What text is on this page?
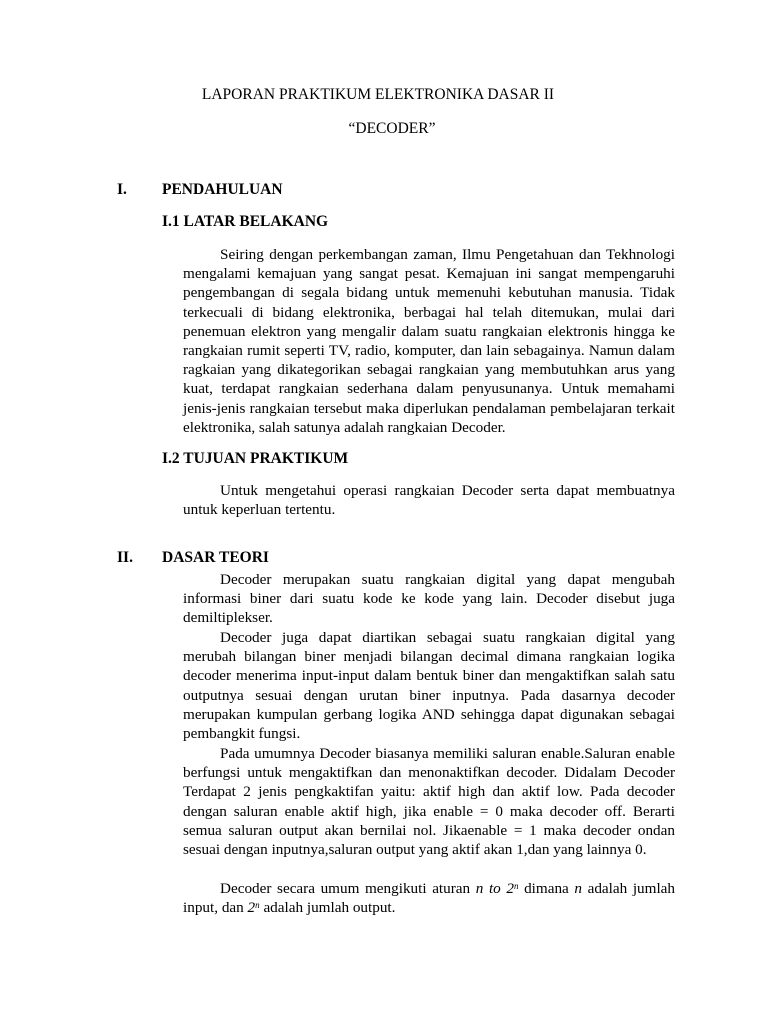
LAPORAN PRAKTIKUM ELEKTRONIKA DASAR II
“DECODER”
I. PENDAHULUAN
I.1 LATAR BELAKANG
Seiring dengan perkembangan zaman, Ilmu Pengetahuan dan Tekhnologi mengalami kemajuan yang sangat pesat. Kemajuan ini sangat mempengaruhi pengembangan di segala bidang untuk memenuhi kebutuhan manusia. Tidak terkecuali di bidang elektronika, berbagai hal telah ditemukan, mulai dari penemuan elektron yang mengalir dalam suatu rangkaian elektronis hingga ke rangkaian rumit seperti TV, radio, komputer, dan lain sebagainya. Namun dalam ragkaian yang dikategorikan sebagai rangkaian yang membutuhkan arus yang kuat, terdapat rangkaian sederhana dalam penyusunanya. Untuk memahami jenis-jenis rangkaian tersebut maka diperlukan pendalaman pembelajaran terkait elektronika, salah satunya adalah rangkaian Decoder.
I.2 TUJUAN PRAKTIKUM
Untuk mengetahui operasi rangkaian Decoder serta dapat membuatnya untuk keperluan tertentu.
II. DASAR TEORI
Decoder merupakan suatu rangkaian digital yang dapat mengubah informasi biner dari suatu kode ke kode yang lain. Decoder disebut juga demiltiplekser.
Decoder juga dapat diartikan sebagai suatu rangkaian digital yang merubah bilangan biner menjadi bilangan decimal dimana rangkaian logika decoder menerima input-input dalam bentuk biner dan mengaktifkan salah satu outputnya sesuai dengan urutan biner inputnya. Pada dasarnya decoder merupakan kumpulan gerbang logika AND sehingga dapat digunakan sebagai pembangkit fungsi.
Pada umumnya Decoder biasanya memiliki saluran enable.Saluran enable berfungsi untuk mengaktifkan dan menonaktifkan decoder. Didalam Decoder Terdapat 2 jenis pengkaktifan yaitu: aktif high dan aktif low. Pada decoder dengan saluran enable aktif high, jika enable = 0 maka decoder off. Berarti semua saluran output akan bernilai nol. Jikaenable = 1 maka decoder ondan sesuai dengan inputnya,saluran output yang aktif akan 1,dan yang lainnya 0.
Decoder secara umum mengikuti aturan n to 2$^n$ dimana n adalah jumlah input, dan 2$^n$ adalah jumlah output.
